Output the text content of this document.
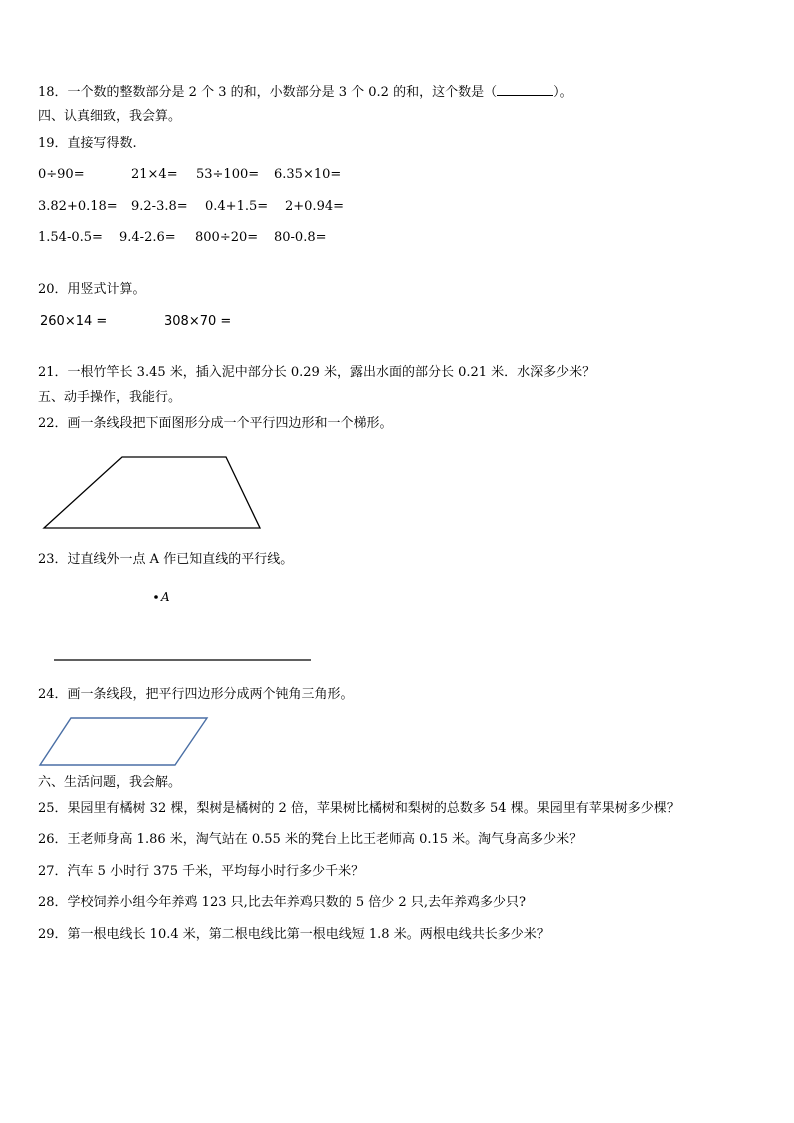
18．一个数的整数部分是 2 个 3 的和，小数部分是 3 个 0.2 的和，这个数是（	）。
四、认真细致，我会算。
19．直接写得数.
0÷90=	21×4= 53÷100= 6.35×10=
3.82+0.18= 9.2-3.8= 0.4+1.5= 2+0.94=
1.54-0.5= 9.4-2.6= 800÷20= 80-0.8=
20．用竖式计算。
260×14 =	308×70 =
21．一根竹竿长 3.45 米，插入泥中部分长 0.29 米，露出水面的部分长 0.21 米．水深多少米？
五、动手操作，我能行。
22．画一条线段把下面图形分成一个平行四边形和一个梯形。
23．过直线外一点 A 作已知直线的平行线。
A
24．画一条线段，把平行四边形分成两个钝角三角形。
六、生活问题，我会解。
25．果园里有橘树 32 棵，梨树是橘树的 2 倍，苹果树比橘树和梨树的总数多 54 棵。果园里有苹果树多少棵？
26．王老师身高 1.86 米，淘气站在 0.55 米的凳台上比王老师高 0.15 米。淘气身高多少米？
27．汽车 5 小时行 375 千米，平均每小时行多少千米？
28．学校饲养小组今年养鸡 123 只,比去年养鸡只数的 5 倍少 2 只,去年养鸡多少只?
29．第一根电线长 10.4 米，第二根电线比第一根电线短 1.8 米。两根电线共长多少米？
